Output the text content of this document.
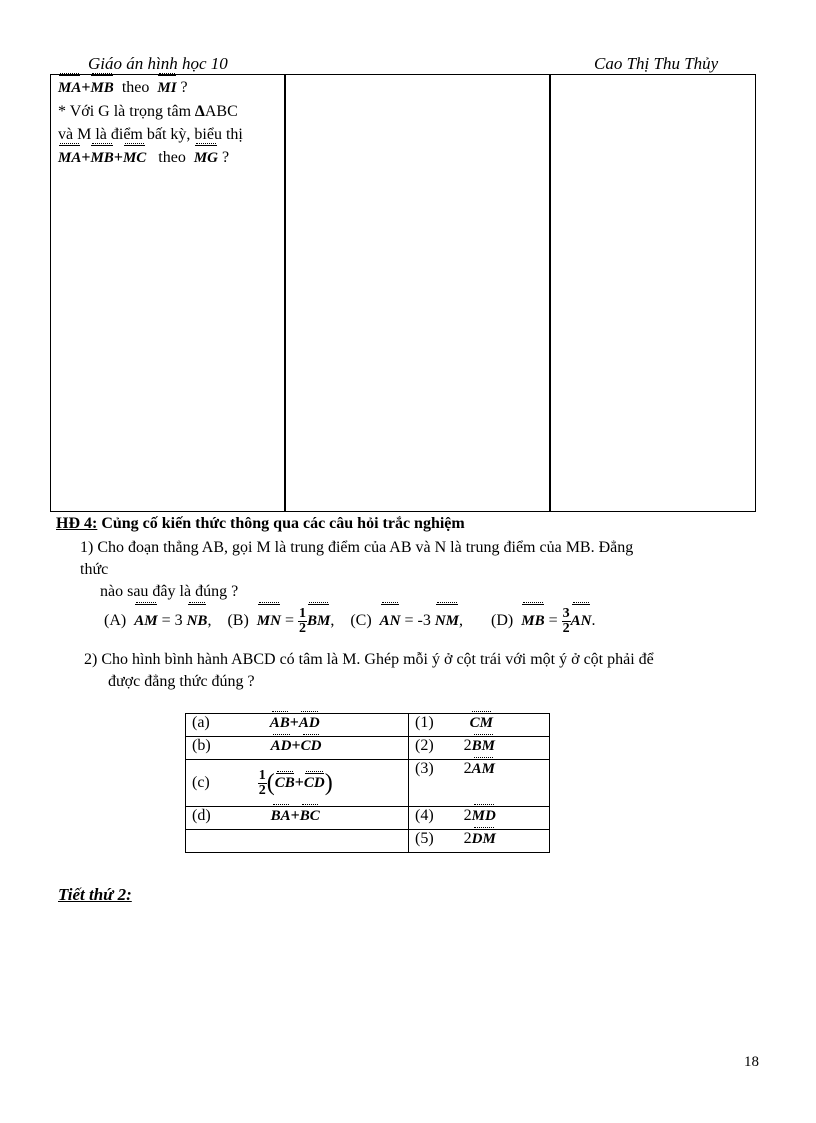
Giáo án hình học 10	Cao Thị Thu Thủy
MA+MB theo MI ?
* Với G là trọng tâm ∆ABC
và M là điểm bất kỳ, biểu thị
MA+MB+MC theo MG ?
HĐ 4: Củng cố kiến thức thông qua các câu hỏi trắc nghiệm
1) Cho đoạn thẳng AB, gọi M là trung điểm của AB và N là trung điểm của MB. Đẳng
thức
nào sau đây là đúng ?
(A) AM = 3 NB, (B) MN = $\frac{1}{2}$ BM, (C) AN = -3 NM, (D) MB = $\frac{3}{2}$ AN.
2) Cho hình bình hành ABCD có tâm là M. Ghép mỗi ý ở cột trái với một ý ở cột phải để
được đẳng thức đúng ?
(a) AB+AD	(1) CM
(b) AD+CD	(2) 2BM
$(c) \frac{1}{2} (CB+CD)$	(3) 2AM
(d) BA+BC	(4) 2MD
	(5) 2DM
Tiết thứ 2:
18
